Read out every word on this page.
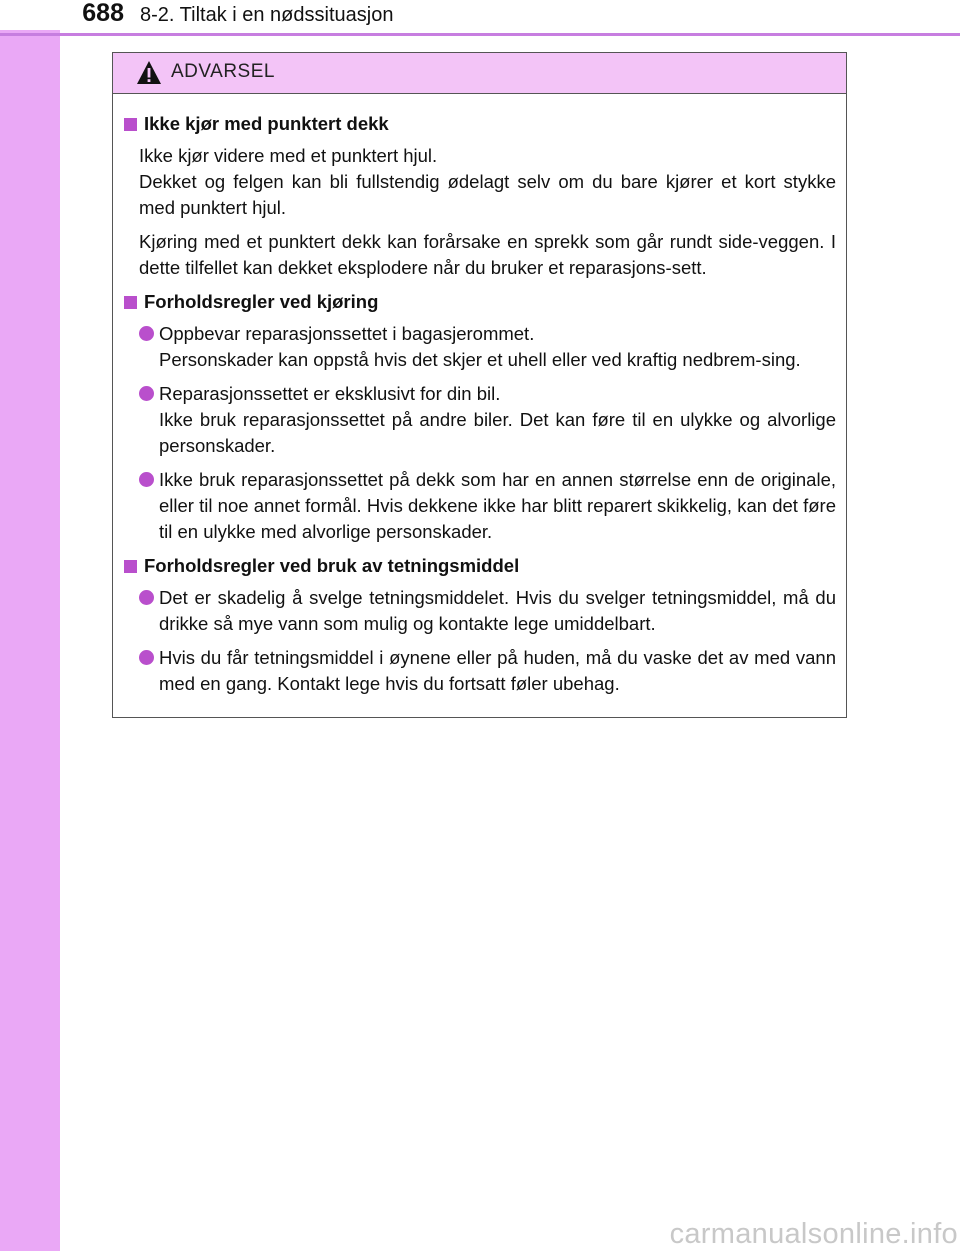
688 8-2. Tiltak i en nødssituasjon
ADVARSEL
Ikke kjør med punktert dekk
Ikke kjør videre med et punktert hjul.
Dekket og felgen kan bli fullstendig ødelagt selv om du bare kjører et kort stykke med punktert hjul.
Kjøring med et punktert dekk kan forårsake en sprekk som går rundt side-veggen. I dette tilfellet kan dekket eksplodere når du bruker et reparasjons-sett.
Forholdsregler ved kjøring
Oppbevar reparasjonssettet i bagasjerommet.
Personskader kan oppstå hvis det skjer et uhell eller ved kraftig nedbrem-sing.
Reparasjonssettet er eksklusivt for din bil.
Ikke bruk reparasjonssettet på andre biler. Det kan føre til en ulykke og alvorlige personskader.
Ikke bruk reparasjonssettet på dekk som har en annen størrelse enn de originale, eller til noe annet formål. Hvis dekkene ikke har blitt reparert skikkelig, kan det føre til en ulykke med alvorlige personskader.
Forholdsregler ved bruk av tetningsmiddel
Det er skadelig å svelge tetningsmiddelet. Hvis du svelger tetningsmiddel, må du drikke så mye vann som mulig og kontakte lege umiddelbart.
Hvis du får tetningsmiddel i øynene eller på huden, må du vaske det av med vann med en gang. Kontakt lege hvis du fortsatt føler ubehag.
carmanualsonline.info
